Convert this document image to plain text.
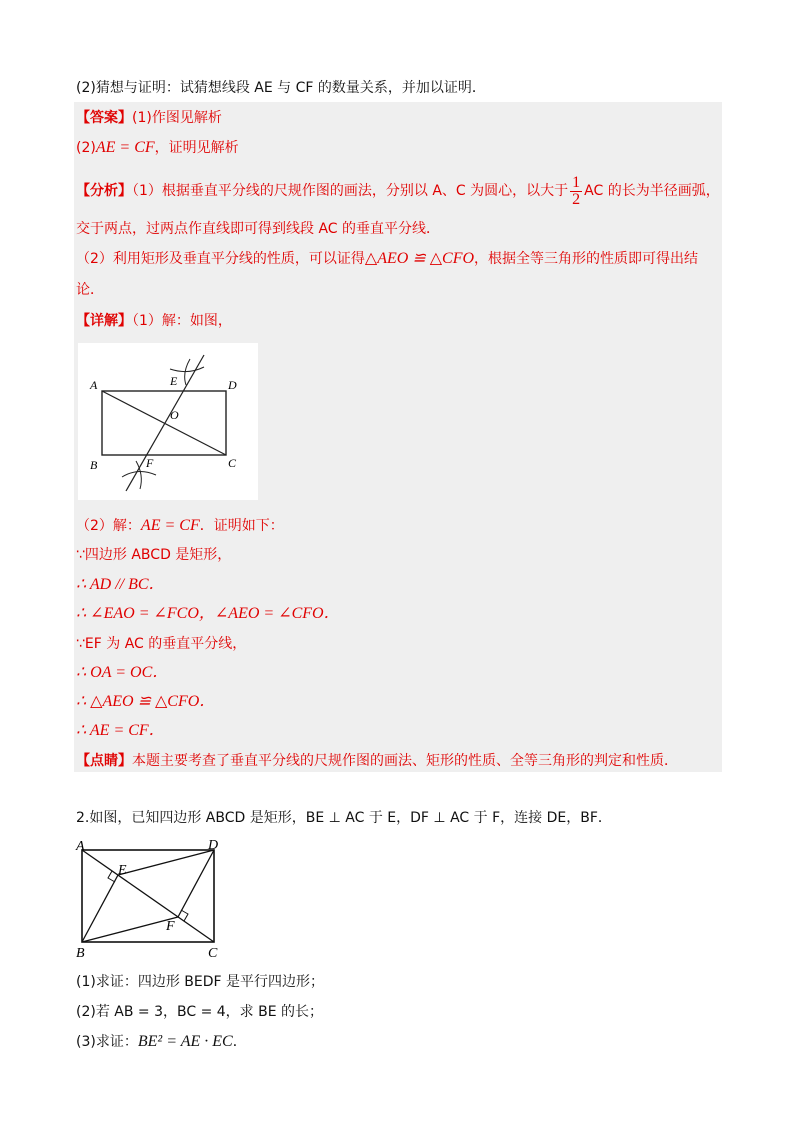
(2)猜想与证明：试猜想线段 AE 与 CF 的数量关系，并加以证明．
【答案】(1)作图见解析
(2)AE = CF，证明见解析
【分析】（1）根据垂直平分线的尺规作图的画法，分别以 A、C 为圆心，以大于 $\frac{1}{2}$ AC 的长为半径画弧，
交于两点，过两点作直线即可得到线段 AC 的垂直平分线．
（2）利用矩形及垂直平分线的性质，可以证得△AEO ≌ △CFO，根据全等三角形的性质即可得出结
论．
【详解】（1）解：如图，
A	E	D
O
B	F	C
（2）解：AE = CF．证明如下：
∵四边形 ABCD 是矩形，
∴ AD // BC．
∴ ∠EAO = ∠FCO，∠AEO = ∠CFO．
∵EF 为 AC 的垂直平分线，
∴ OA = OC．
∴ △AEO ≌ △CFO．
∴ AE = CF．
【点睛】本题主要考查了垂直平分线的尺规作图的画法、矩形的性质、全等三角形的判定和性质．
2.如图，已知四边形 ABCD 是矩形，BE ⊥ AC 于 E，DF ⊥ AC 于 F，连接 DE，BF．
A	D
E
F
B	C
(1)求证：四边形 BEDF 是平行四边形；
(2)若 AB = 3，BC = 4，求 BE 的长；
(3)求证：BE² = AE · EC．
